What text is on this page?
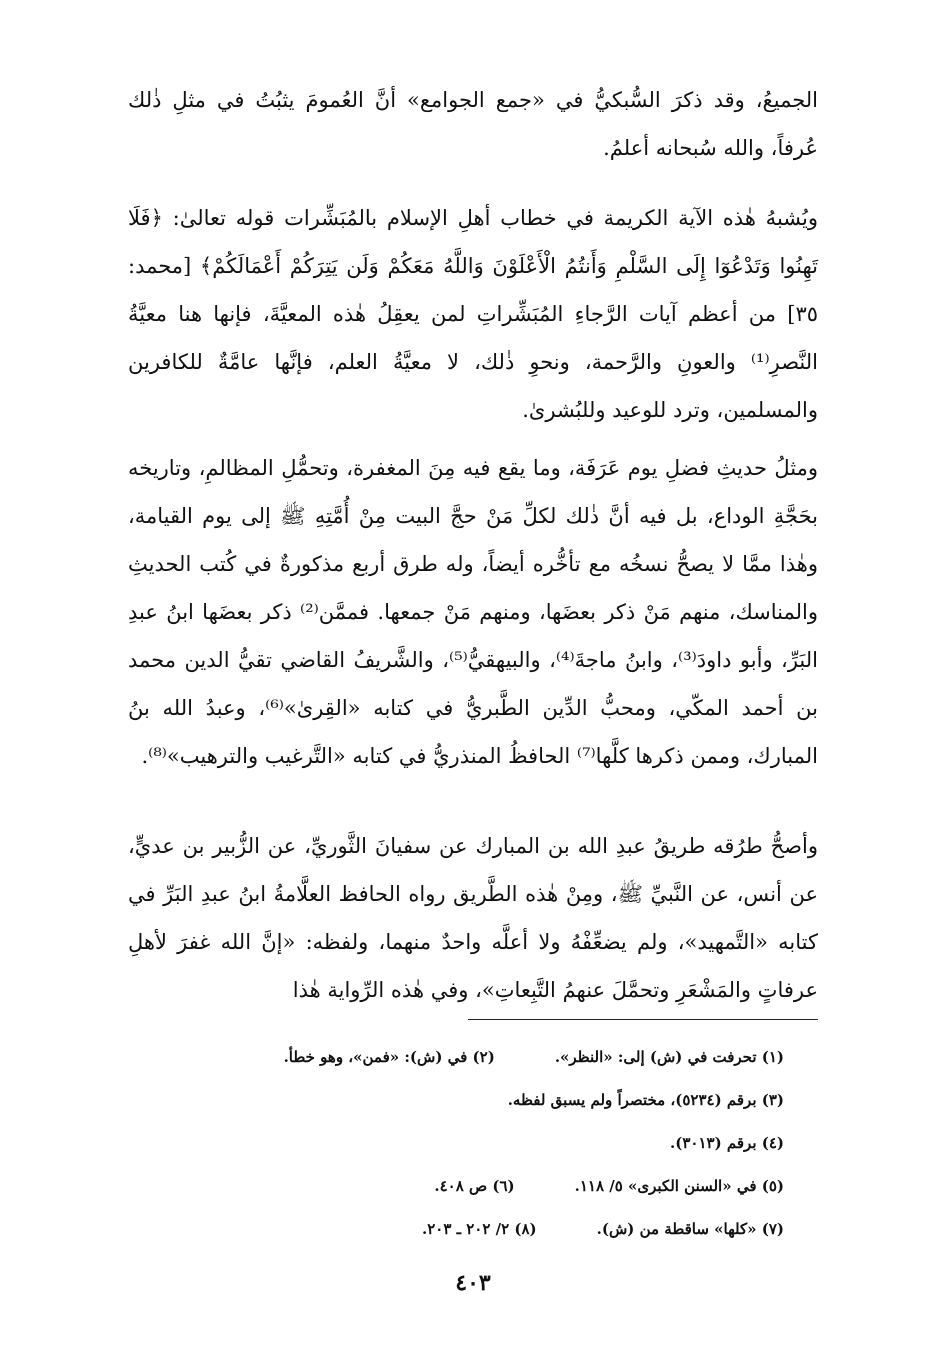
الجميعُ، وقد ذكرَ السُّبكيُّ في «جمع الجوامع» أنَّ العُمومَ يثبُتُ في مثلِ ذٰلك عُرفاً، والله سُبحانه أعلمُ.

ويُشبهُ هٰذه الآية الكريمة في خطاب أهلِ الإسلام بالمُبَشِّرات قوله تعالىٰ: ﴿فَلَا تَهِنُوا وَتَدْعُوٓا إِلَى السَّلْمِ وَأَنتُمُ الْأَعْلَوْنَ وَاللَّهُ مَعَكُمْ وَلَن يَتِرَكُمْ أَعْمَالَكُمْ﴾ [محمد: ٣٥] من أعظم آيات الرَّجاءِ المُبَشِّراتِ لمن يعقِلُ هٰذه المعيَّةَ، فإنها هنا معيَّةُ النَّصرِ⁽¹⁾ والعونِ والرَّحمة، ونحوِ ذٰلك، لا معيَّةُ العلم، فإنَّها عامَّةٌ للكافرين والمسلمين، وترد للوعيد وللبُشرىٰ.

ومثلُ حديثِ فضلِ يوم عَرَفَة، وما يقع فيه مِنَ المغفرة، وتحمُّلِ المظالمِ، وتاريخه بحَجَّةِ الوداع، بل فيه أنَّ ذٰلك لكلِّ مَنْ حجَّ البيت مِنْ أُمَّتِهِ ﷺ إلى يوم القيامة، وهٰذا ممَّا لا يصحُّ نسخُه مع تأخُّره أيضاً، وله طرق أربع مذكورةٌ في كُتب الحديثِ والمناسك، منهم مَنْ ذكر بعضَها، ومنهم مَنْ جمعها. فممَّن⁽²⁾ ذكر بعضَها ابنُ عبدِ البَرِّ، وأبو داودَ⁽³⁾، وابنُ ماجةَ⁽⁴⁾، والبيهقيُّ⁽⁵⁾، والشَّريفُ القاضي تقيُّ الدين محمد بن أحمد المكّي، ومحبُّ الدِّين الطَّبريُّ في كتابه «القِرىٰ»⁽⁶⁾، وعبدُ الله بنُ المبارك، وممن ذكرها كلَّها⁽⁷⁾ الحافظُ المنذريُّ في كتابه «التَّرغيب والترهيب»⁽⁸⁾.

وأصحُّ طرُقه طريقُ عبدِ الله بن المبارك عن سفيانَ الثَّوريِّ، عن الزُّبير بن عديٍّ، عن أنس، عن النَّبيِّ ﷺ، ومِنْ هٰذه الطَّريق رواه الحافظ العلَّامةُ ابنُ عبدِ البَرِّ في كتابه «التَّمهيد»، ولم يضعِّفْهُ ولا أعلَّه واحدٌ منهما، ولفظه: «إنَّ الله غفرَ لأهلِ عرفاتٍ والمَشْعَرِ وتحمَّلَ عنهمُ التَّبِعاتِ»، وفي هٰذه الرِّواية هٰذا

(١) تحرفت في (ش) إلى: «النظر».
(٢) في (ش): «فمن»، وهو خطأ.
(٣) برقم (٥٢٣٤)، مختصراً ولم يسبق لفظه.
(٤) برقم (٣٠١٣).
(٥) في «السنن الكبرى» ٥/ ١١٨.
(٦) ص ٤٠٨.
(٧) «كلها» ساقطة من (ش).
(٨) ٢/ ٢٠٢ ـ ٢٠٣.
٤٠٣
